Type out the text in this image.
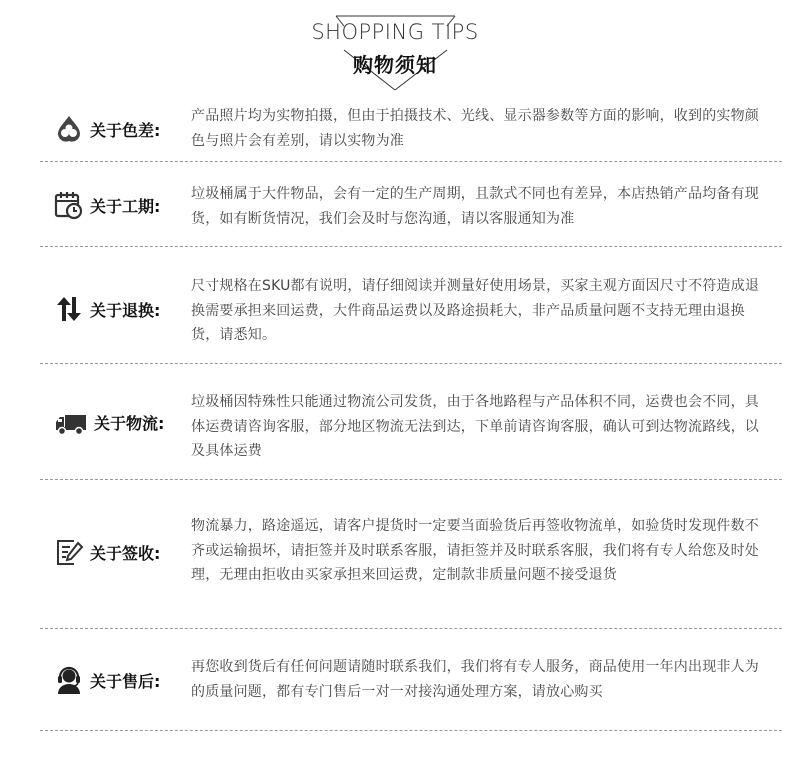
SHOPPING TIPS
购物须知
关于色差:
产品照片均为实物拍摄，但由于拍摄技术、光线、显示器参数等方面的影响，收到的实物颜色与照片会有差别，请以实物为准
关于工期:
垃圾桶属于大件物品，会有一定的生产周期，且款式不同也有差异，本店热销产品均备有现货，如有断货情况，我们会及时与您沟通，请以客服通知为准
关于退换:
尺寸规格在SKU都有说明，请仔细阅读并测量好使用场景，买家主观方面因尺寸不符造成退换需要承担来回运费，大件商品运费以及路途损耗大，非产品质量问题不支持无理由退换货，请悉知。
关于物流:
垃圾桶因特殊性只能通过物流公司发货，由于各地路程与产品体积不同，运费也会不同，具体运费请咨询客服，部分地区物流无法到达，下单前请咨询客服，确认可到达物流路线，以及具体运费
关于签收:
物流暴力，路途遥远，请客户提货时一定要当面验货后再签收物流单，如验货时发现件数不齐或运输损坏，请拒签并及时联系客服，请拒签并及时联系客服，我们将有专人给您及时处理，无理由拒收由买家承担来回运费，定制款非质量问题不接受退货
关于售后:
再您收到货后有任何问题请随时联系我们，我们将有专人服务，商品使用一年内出现非人为的质量问题，都有专门售后一对一对接沟通处理方案，请放心购买
